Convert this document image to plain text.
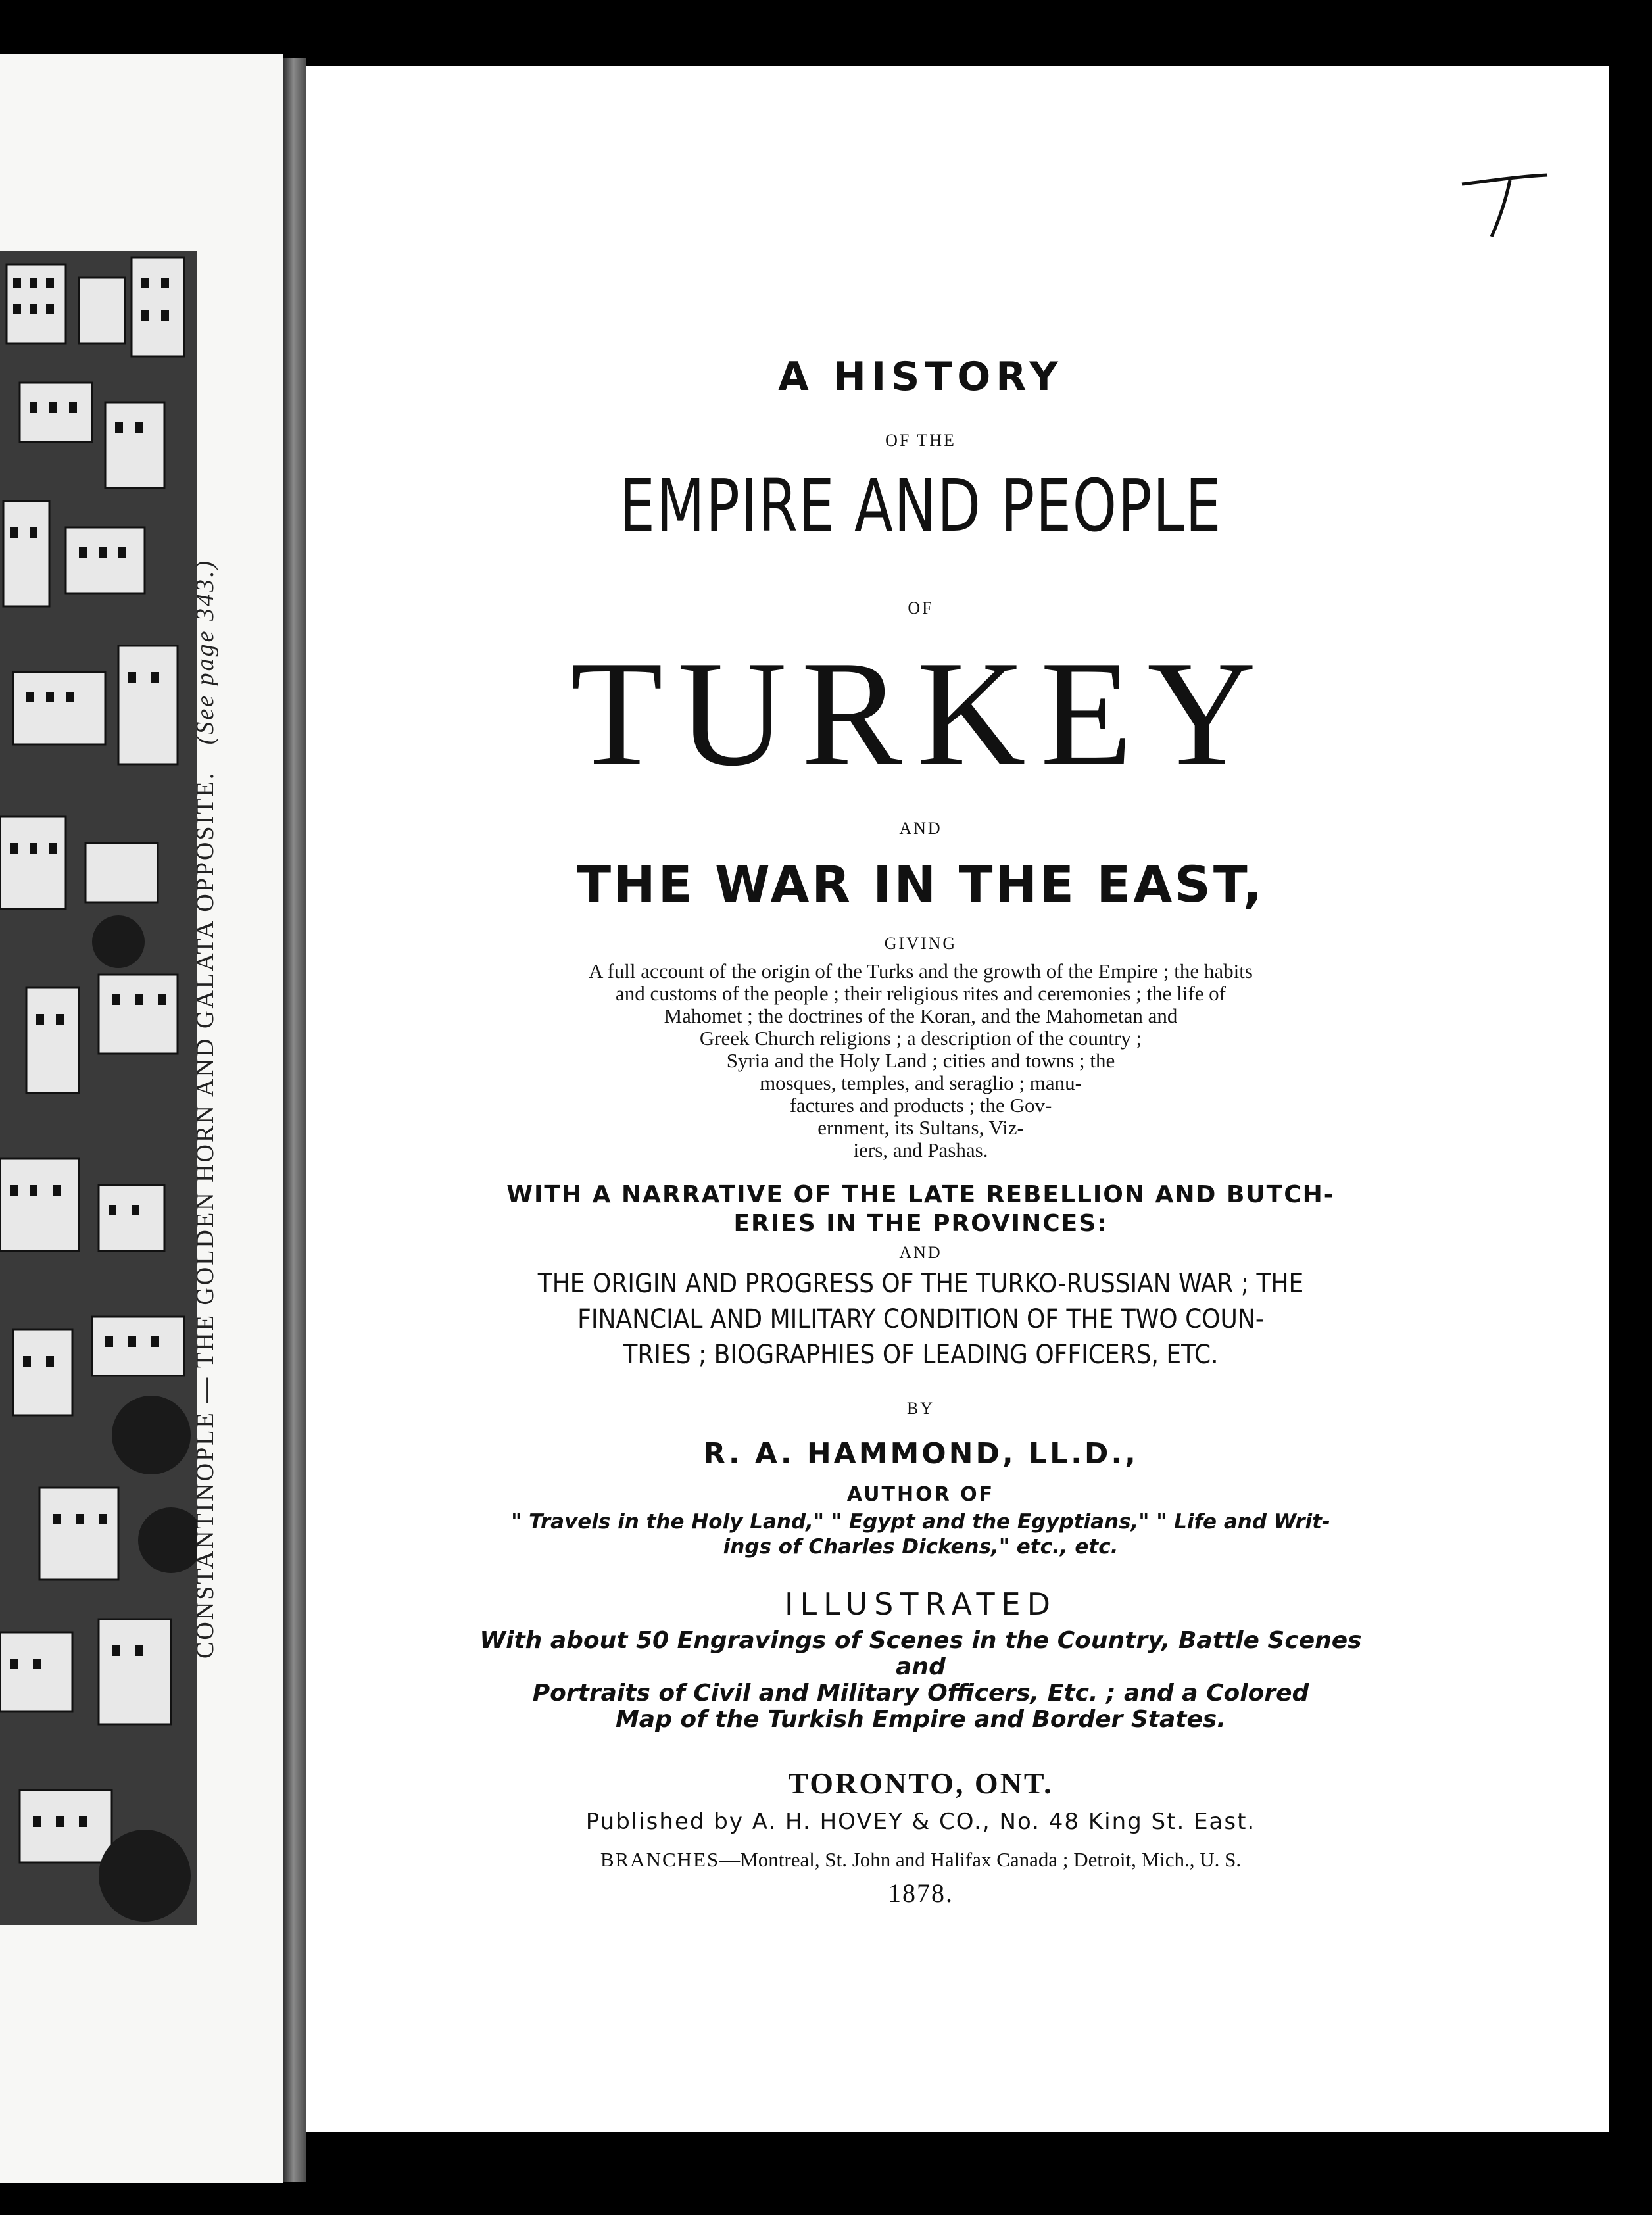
CONSTANTINOPLE — THE GOLDEN HORN AND GALATA OPPOSITE. (See page 343.)
A HISTORY
OF THE
EMPIRE AND PEOPLE
OF
TURKEY
AND
THE WAR IN THE EAST,
GIVING
A full account of the origin of the Turks and the growth of the Empire ; the habits
and customs of the people ; their religious rites and ceremonies ; the life of
Mahomet ; the doctrines of the Koran, and the Mahometan and
Greek Church religions ; a description of the country ;
Syria and the Holy Land ; cities and towns ; the
mosques, temples, and seraglio ; manu-
factures and products ; the Gov-
ernment, its Sultans, Viz-
iers, and Pashas.
WITH A NARRATIVE OF THE LATE REBELLION AND BUTCH-
ERIES IN THE PROVINCES:
AND
THE ORIGIN AND PROGRESS OF THE TURKO-RUSSIAN WAR ; THE
FINANCIAL AND MILITARY CONDITION OF THE TWO COUN-
TRIES ; BIOGRAPHIES OF LEADING OFFICERS, ETC.
BY
R. A. HAMMOND, LL.D.,
AUTHOR OF
" Travels in the Holy Land," " Egypt and the Egyptians," " Life and Writ-
ings of Charles Dickens," etc., etc.
ILLUSTRATED
With about 50 Engravings of Scenes in the Country, Battle Scenes and
Portraits of Civil and Military Officers, Etc. ; and a Colored
Map of the Turkish Empire and Border States.
TORONTO, ONT.
Published by A. H. HOVEY & CO., No. 48 King St. East.
BRANCHES—Montreal, St. John and Halifax Canada ; Detroit, Mich., U. S.
1878.
